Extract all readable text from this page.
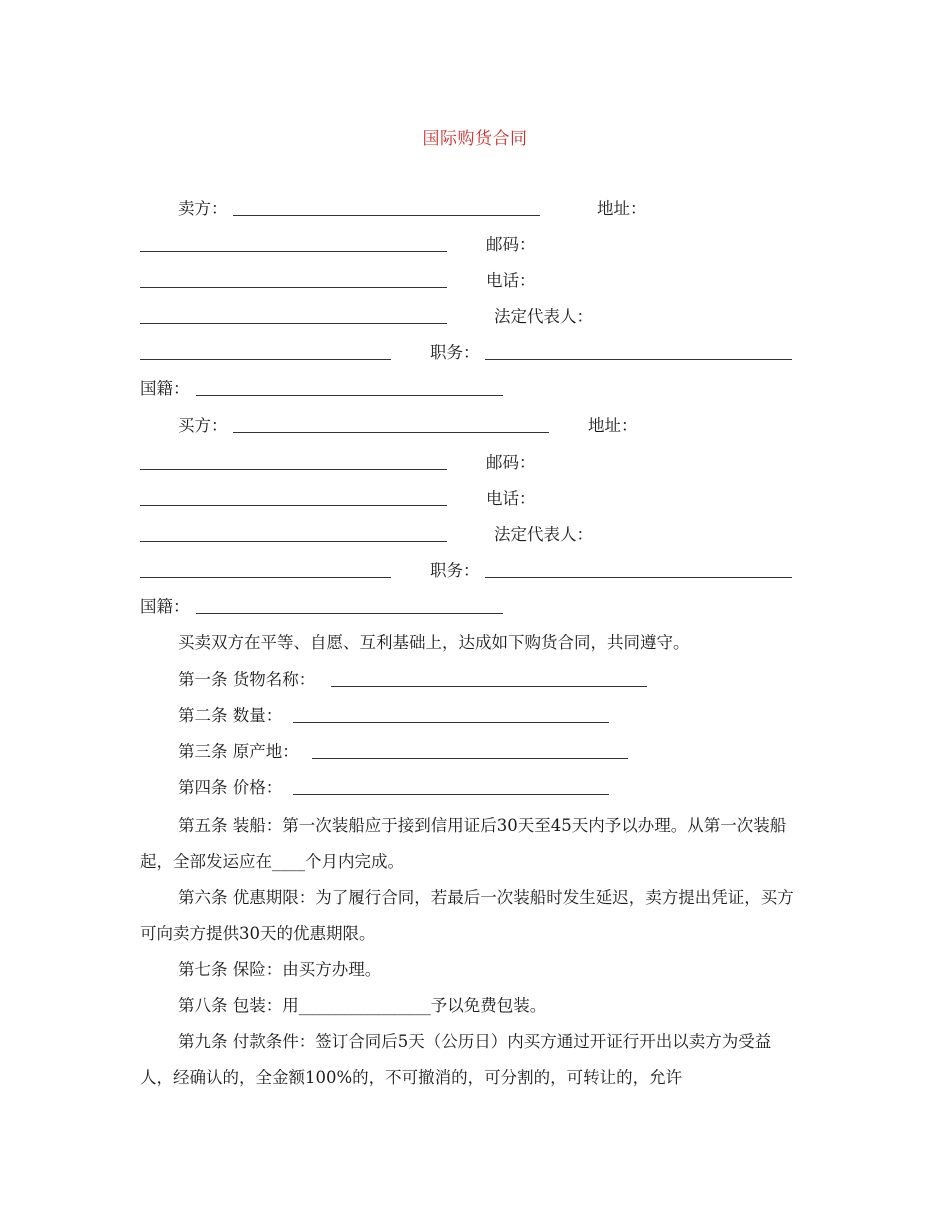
国际购货合同
卖方：	地址：
邮码：
电话：
法定代表人：
职务：
国籍：
买方：	地址：
邮码：
电话：
法定代表人：
职务：
国籍：
买卖双方在平等、自愿、互利基础上，达成如下购货合同，共同遵守。
第一条 货物名称：
第二条 数量：
第三条 原产地：
第四条 价格：
第五条 装船：第一次装船应于接到信用证后30天至45天内予以办理。从第一次装船起，全部发运应在____个月内完成。
第六条 优惠期限：为了履行合同，若最后一次装船时发生延迟，卖方提出凭证，买方可向卖方提供30天的优惠期限。
第七条 保险：由买方办理。
第八条 包装：用________________予以免费包装。
第九条 付款条件：签订合同后5天（公历日）内买方通过开证行开出以卖方为受益人，经确认的，全金额100%的，不可撤消的，可分割的，可转让的，允许
